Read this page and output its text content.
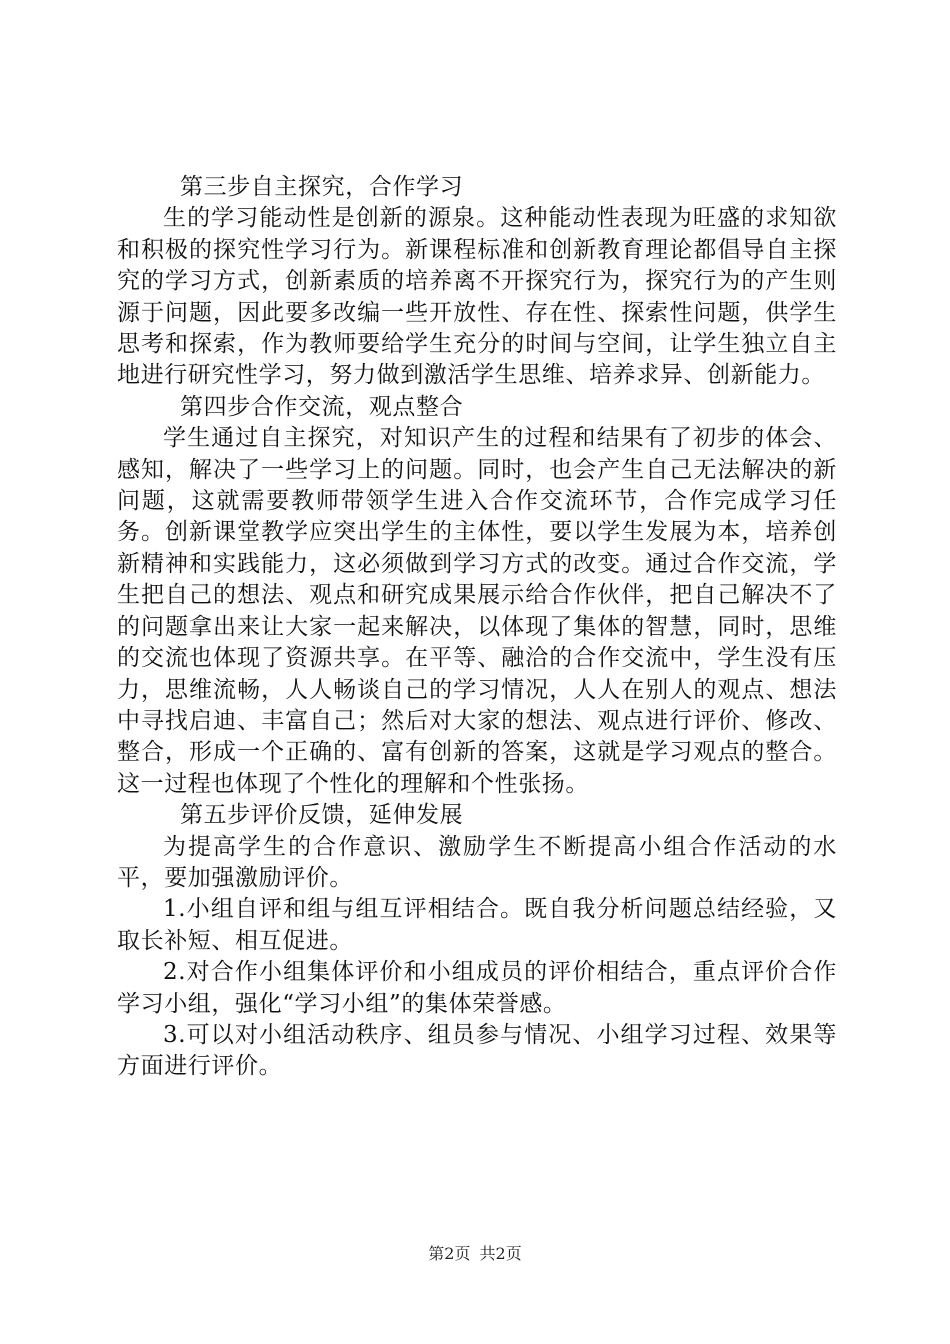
第三步自主探究，合作学习

生的学习能动性是创新的源泉。这种能动性表现为旺盛的求知欲和积极的探究性学习行为。新课程标准和创新教育理论都倡导自主探究的学习方式，创新素质的培养离不开探究行为，探究行为的产生则源于问题，因此要多改编一些开放性、存在性、探索性问题，供学生思考和探索，作为教师要给学生充分的时间与空间，让学生独立自主地进行研究性学习，努力做到激活学生思维、培养求异、创新能力。

第四步合作交流，观点整合

学生通过自主探究，对知识产生的过程和结果有了初步的体会、感知，解决了一些学习上的问题。同时，也会产生自己无法解决的新问题，这就需要教师带领学生进入合作交流环节，合作完成学习任务。创新课堂教学应突出学生的主体性，要以学生发展为本，培养创新精神和实践能力，这必须做到学习方式的改变。通过合作交流，学生把自己的想法、观点和研究成果展示给合作伙伴，把自己解决不了的问题拿出来让大家一起来解决，以体现了集体的智慧，同时，思维的交流也体现了资源共享。在平等、融洽的合作交流中，学生没有压力，思维流畅，人人畅谈自己的学习情况，人人在别人的观点、想法中寻找启迪、丰富自己；然后对大家的想法、观点进行评价、修改、整合，形成一个正确的、富有创新的答案，这就是学习观点的整合。这一过程也体现了个性化的理解和个性张扬。

第五步评价反馈，延伸发展

为提高学生的合作意识、激励学生不断提高小组合作活动的水平，要加强激励评价。

1.小组自评和组与组互评相结合。既自我分析问题总结经验，又取长补短、相互促进。

2.对合作小组集体评价和小组成员的评价相结合，重点评价合作学习小组，强化“学习小组”的集体荣誉感。

3.可以对小组活动秩序、组员参与情况、小组学习过程、效果等方面进行评价。

第2页 共2页
